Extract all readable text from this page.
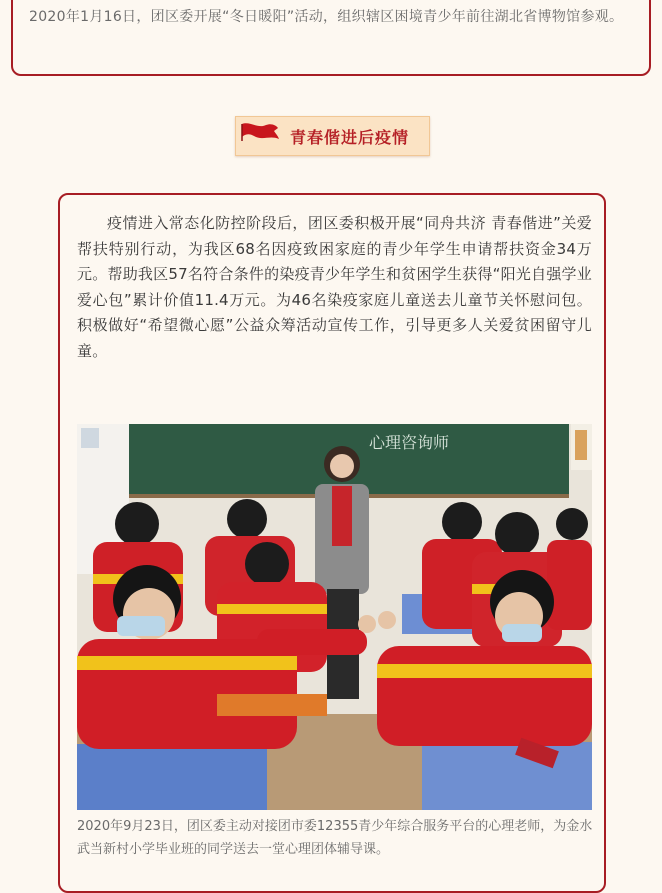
2020年1月16日，团区委开展“冬日暖阳”活动，组织辖区困境青少年前往湖北省博物馆参观。

青春偕进后疫情

疫情进入常态化防控阶段后，团区委积极开展“同舟共济 青春偕进”关爱帮扶特别行动，为我区68名因疫致困家庭的青少年学生申请帮扶资金34万元。帮助我区57名符合条件的染疫青少年学生和贫困学生获得“阳光自强学业爱心包”累计价值11.4万元。为46名染疫家庭儿童送去儿童节关怀慰问包。积极做好“希望微心愿”公益众筹活动宣传工作，引导更多人关爱贫困留守儿童。

心理咨询师

2020年9月23日，团区委主动对接团市委12355青少年综合服务平台的心理老师，为金水武当新村小学毕业班的同学送去一堂心理团体辅导课。
